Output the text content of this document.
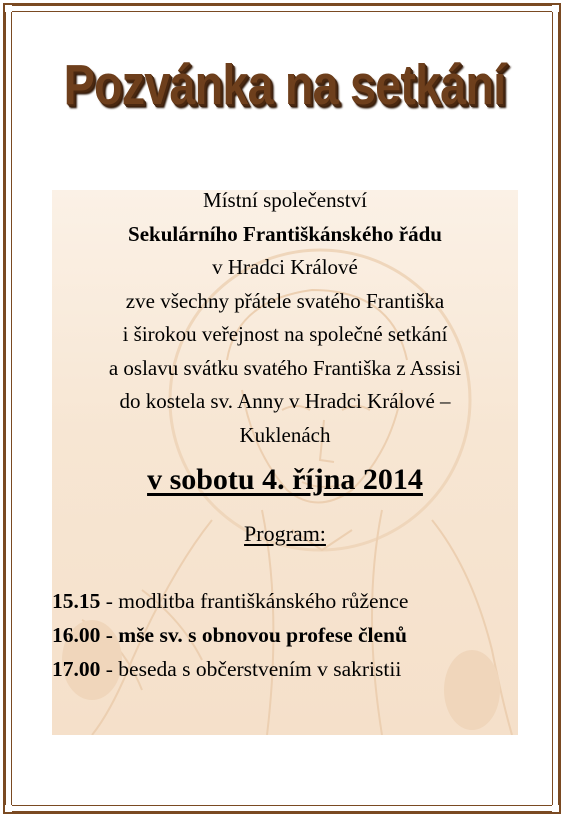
Pozvánka na setkání
Místní společenství
Sekulárního Františkánského řádu
v Hradci Králové
zve všechny přátele svatého Františka
i širokou veřejnost na společné setkání
a oslavu svátku svatého Františka z Assisi
do kostela sv. Anny v Hradci Králové –
Kuklenách
v sobotu 4. října 2014
Program:
15.15 - modlitba františkánského růžence
16.00 - mše sv. s obnovou profese členů
17.00 - beseda s občerstvením v sakristii
